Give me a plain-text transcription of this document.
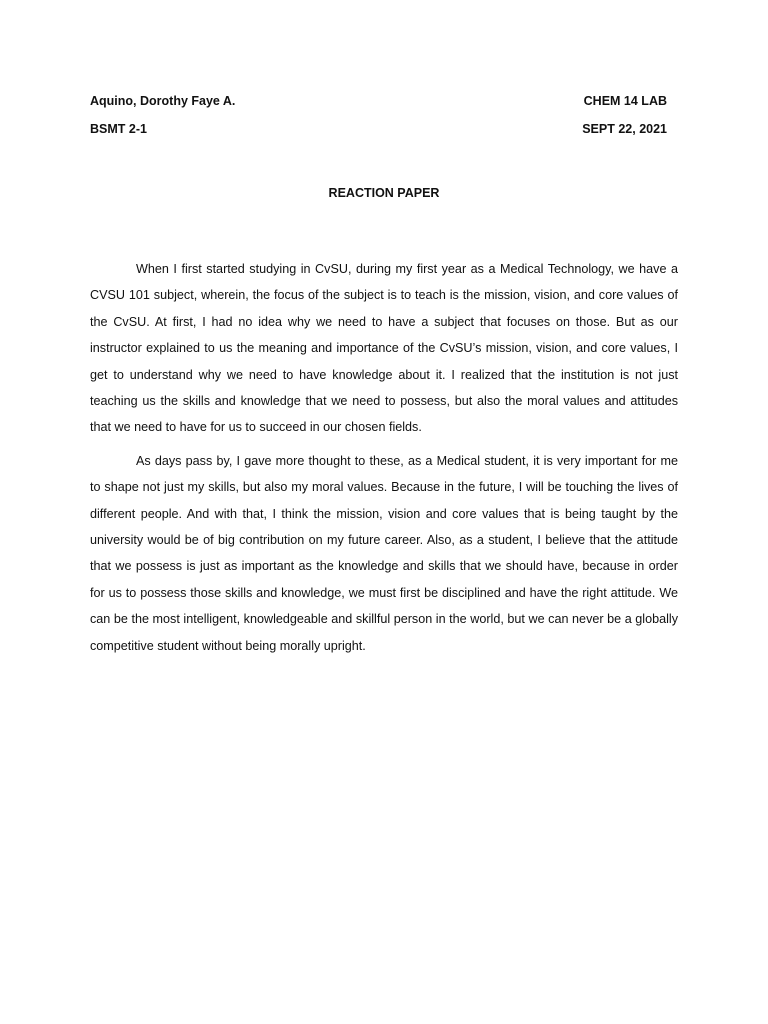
Aquino, Dorothy Faye A.	CHEM 14 LAB
BSMT 2-1	SEPT 22, 2021
REACTION PAPER

When I first started studying in CvSU, during my first year as a Medical Technology, we have a CVSU 101 subject, wherein, the focus of the subject is to teach is the mission, vision, and core values of the CvSU. At first, I had no idea why we need to have a subject that focuses on those. But as our instructor explained to us the meaning and importance of the CvSU’s mission, vision, and core values, I get to understand why we need to have knowledge about it. I realized that the institution is not just teaching us the skills and knowledge that we need to possess, but also the moral values and attitudes that we need to have for us to succeed in our chosen fields.

As days pass by, I gave more thought to these, as a Medical student, it is very important for me to shape not just my skills, but also my moral values. Because in the future, I will be touching the lives of different people. And with that, I think the mission, vision and core values that is being taught by the university would be of big contribution on my future career. Also, as a student, I believe that the attitude that we possess is just as important as the knowledge and skills that we should have, because in order for us to possess those skills and knowledge, we must first be disciplined and have the right attitude. We can be the most intelligent, knowledgeable and skillful person in the world, but we can never be a globally competitive student without being morally upright.
